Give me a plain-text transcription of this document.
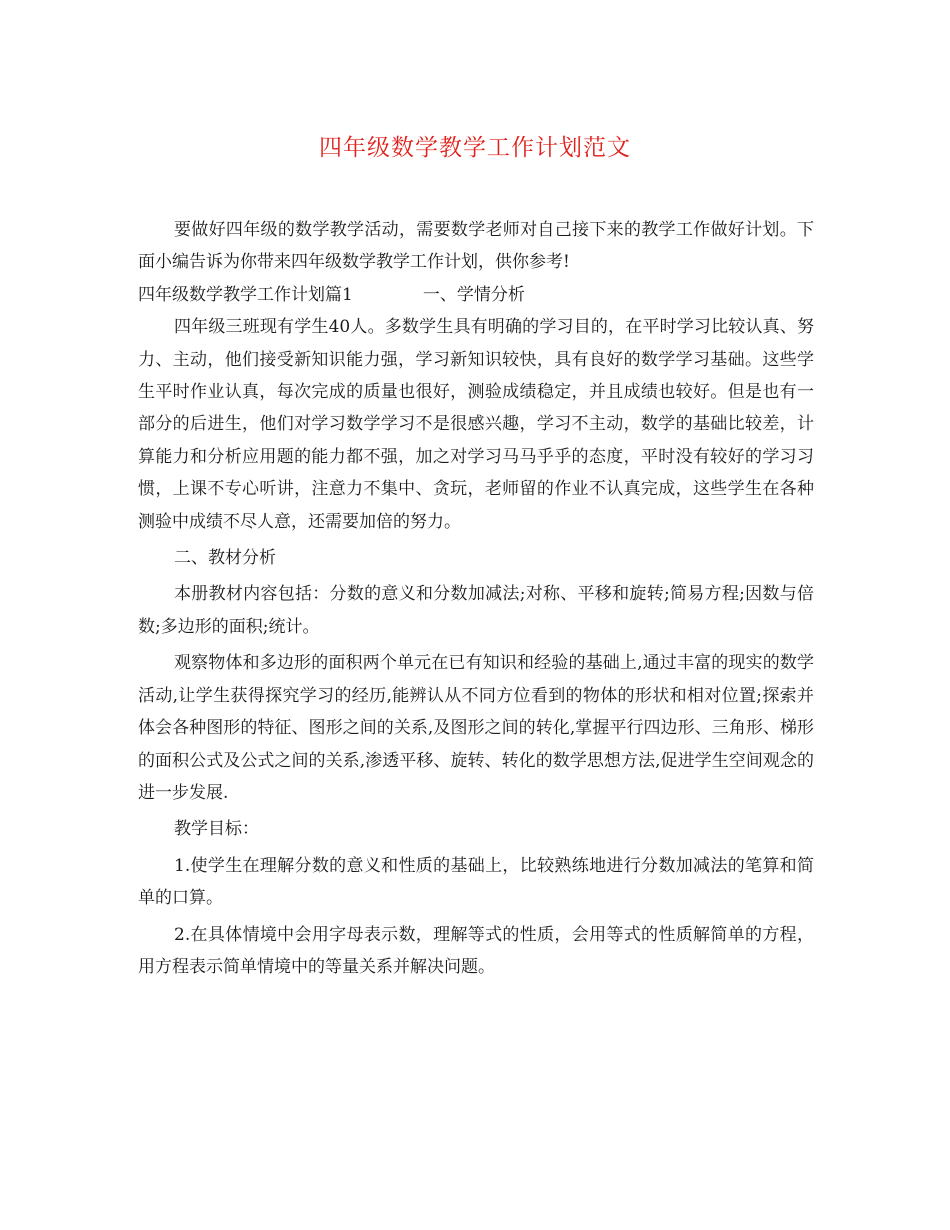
四年级数学教学工作计划范文

要做好四年级的数学教学活动，需要数学老师对自己接下来的教学工作做好计划。下面小编告诉为你带来四年级数学教学工作计划，供你参考!

四年级数学教学工作计划篇1	一、学情分析

四年级三班现有学生40人。多数学生具有明确的学习目的，在平时学习比较认真、努力、主动，他们接受新知识能力强，学习新知识较快，具有良好的数学学习基础。这些学生平时作业认真，每次完成的质量也很好，测验成绩稳定，并且成绩也较好。但是也有一部分的后进生，他们对学习数学学习不是很感兴趣，学习不主动，数学的基础比较差，计算能力和分析应用题的能力都不强，加之对学习马马乎乎的态度，平时没有较好的学习习惯，上课不专心听讲，注意力不集中、贪玩，老师留的作业不认真完成，这些学生在各种测验中成绩不尽人意，还需要加倍的努力。

二、教材分析

本册教材内容包括：分数的意义和分数加减法;对称、平移和旋转;简易方程;因数与倍数;多边形的面积;统计。

观察物体和多边形的面积两个单元在已有知识和经验的基础上,通过丰富的现实的数学活动,让学生获得探究学习的经历,能辨认从不同方位看到的物体的形状和相对位置;探索并体会各种图形的特征、图形之间的关系,及图形之间的转化,掌握平行四边形、三角形、梯形的面积公式及公式之间的关系,渗透平移、旋转、转化的数学思想方法,促进学生空间观念的进一步发展.

教学目标：

1.使学生在理解分数的意义和性质的基础上，比较熟练地进行分数加减法的笔算和简单的口算。

2.在具体情境中会用字母表示数，理解等式的性质，会用等式的性质解简单的方程，用方程表示简单情境中的等量关系并解决问题。
